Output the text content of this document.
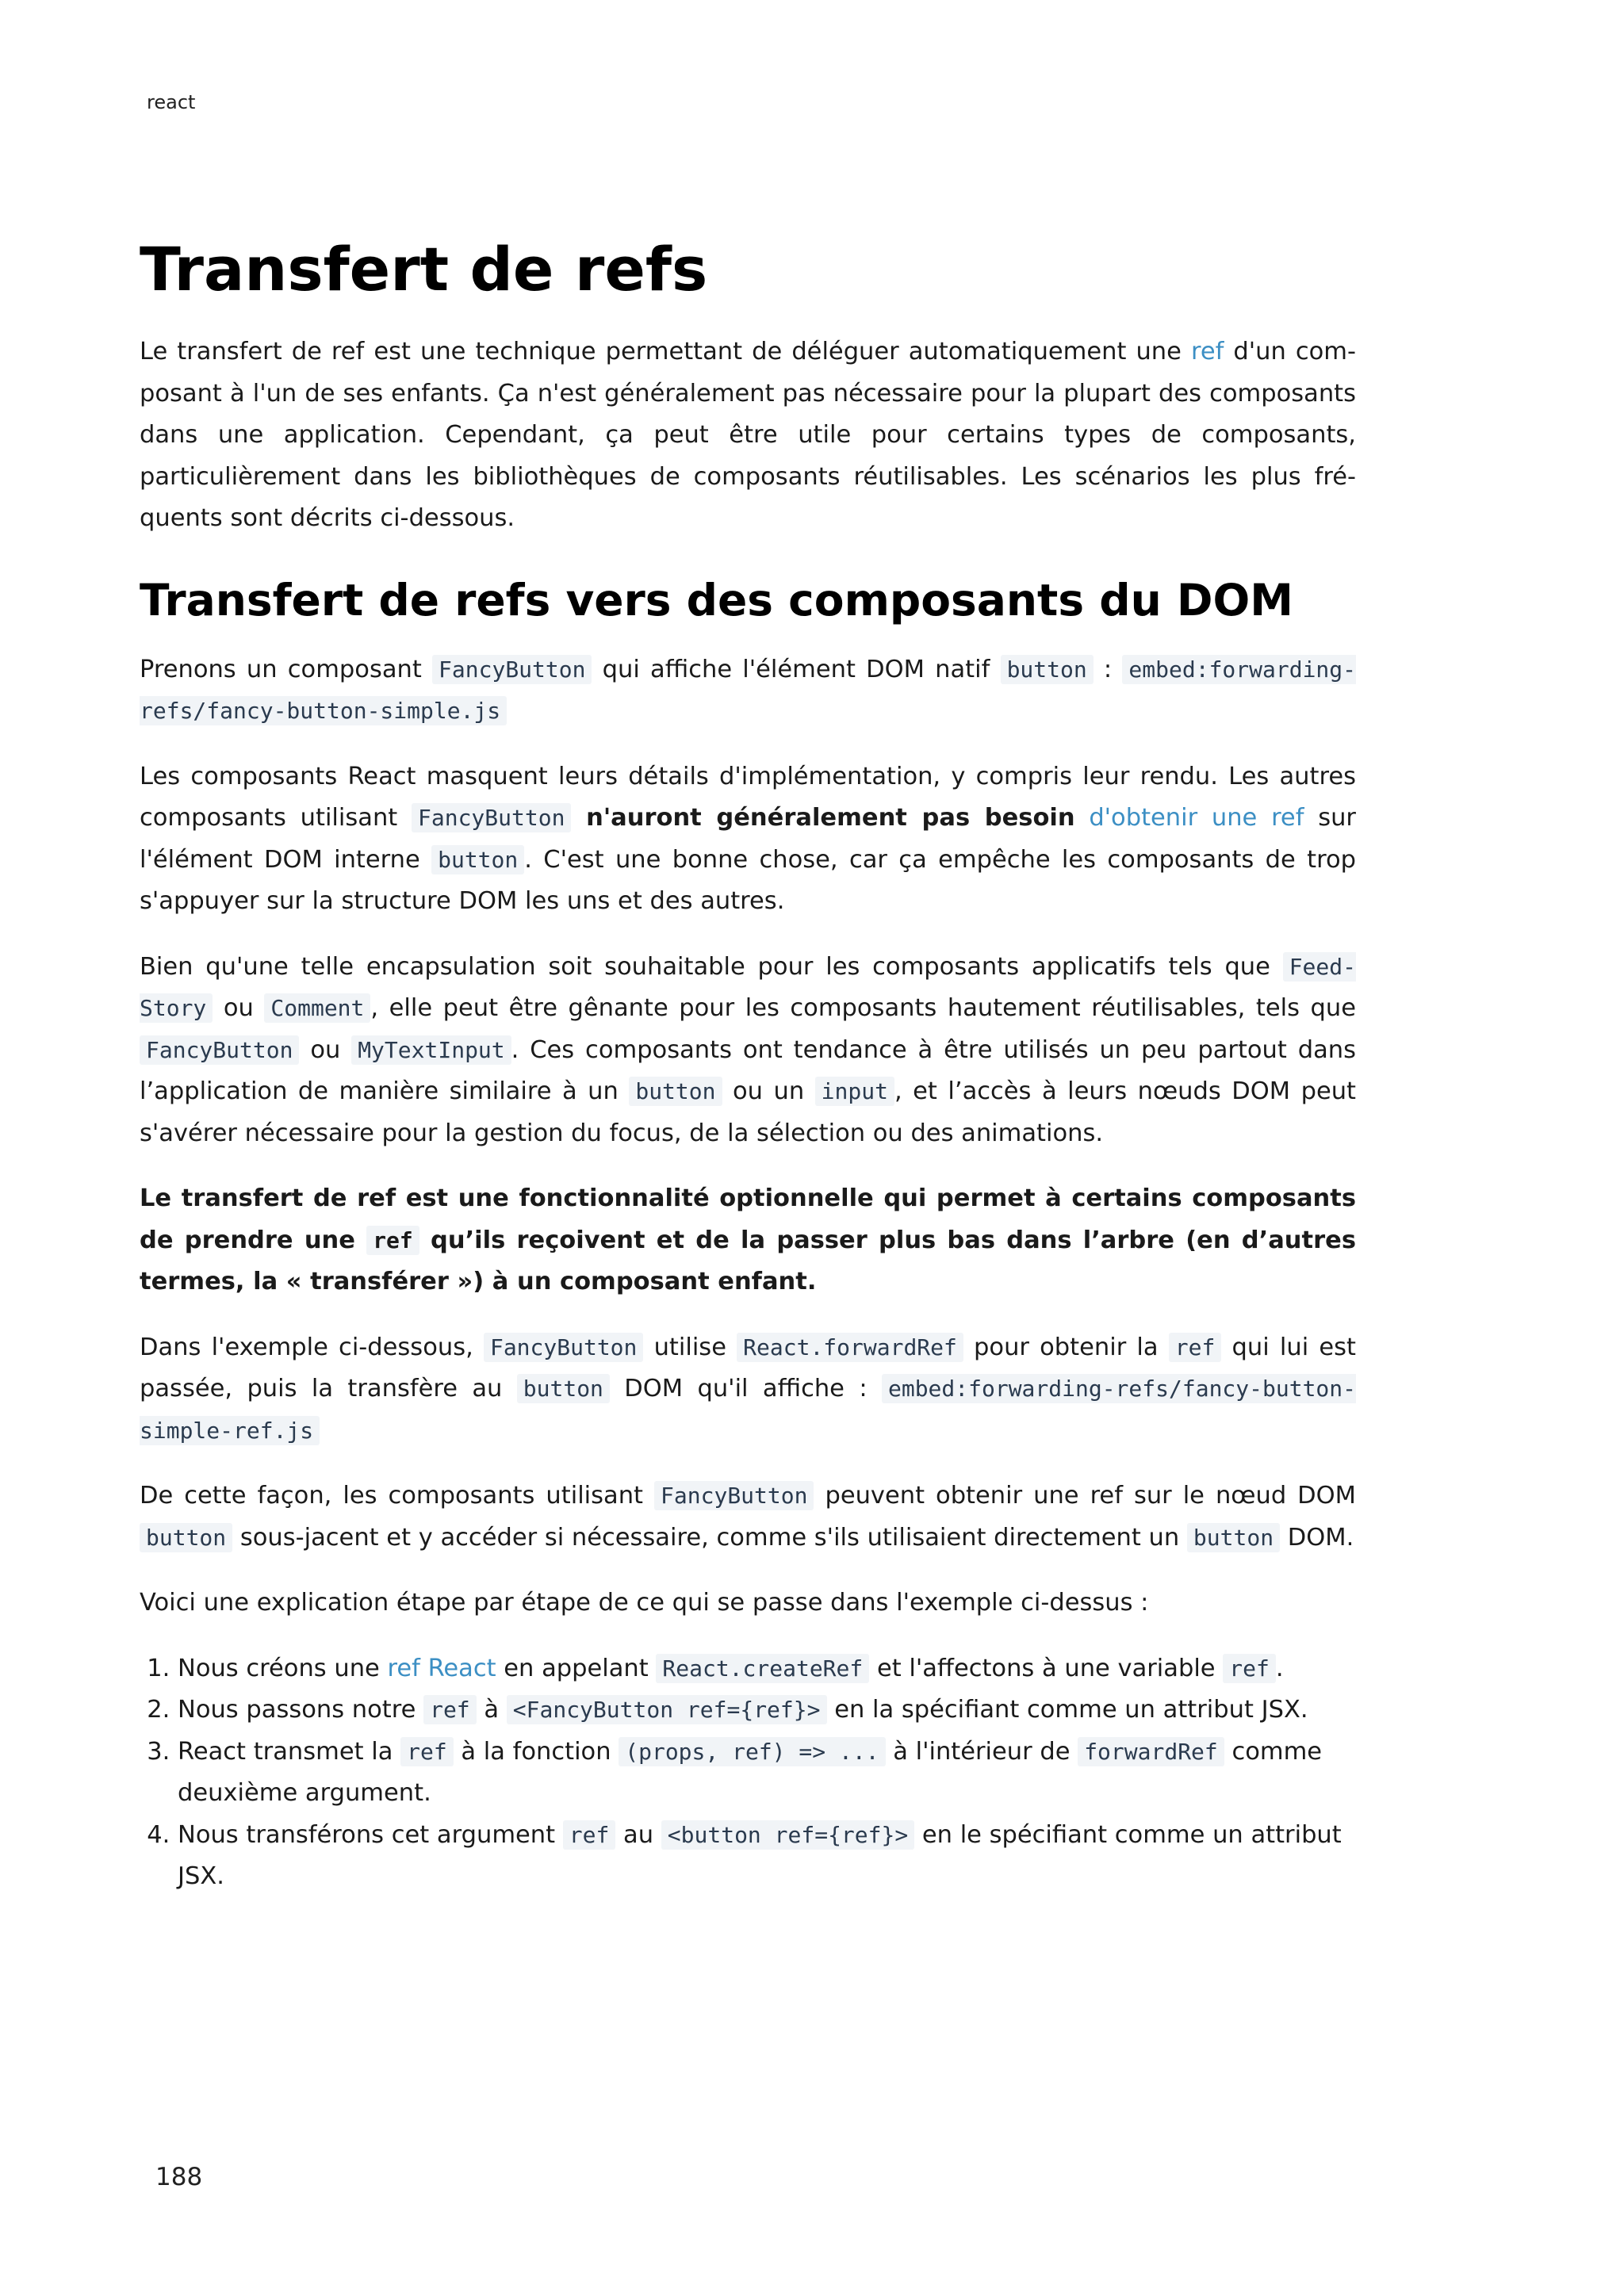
react
Transfert de refs

Le transfert de ref est une technique permettant de déléguer automatiquement une ref d'un composant à l'un de ses enfants. Ça n'est généralement pas nécessaire pour la plupart des composants dans une application. Cependant, ça peut être utile pour certains types de composants, particulièrement dans les bibliothèques de composants réutilisables. Les scénarios les plus fréquents sont décrits ci-dessous.

Transfert de refs vers des composants du DOM

Prenons un composant FancyButton qui affiche l'élément DOM natif button : embed:forwarding-refs/fancy-button-simple.js

Les composants React masquent leurs détails d'implémentation, y compris leur rendu. Les autres composants utilisant FancyButton n'auront généralement pas besoin d'obtenir une ref sur l'élément DOM interne button . C'est une bonne chose, car ça empêche les composants de trop s'appuyer sur la structure DOM les uns et des autres.

Bien qu'une telle encapsulation soit souhaitable pour les composants applicatifs tels que FeedStory ou Comment , elle peut être gênante pour les composants hautement réutilisables, tels que FancyButton ou MyTextInput . Ces composants ont tendance à être utilisés un peu partout dans l’application de manière similaire à un button ou un input , et l’accès à leurs nœuds DOM peut s'avérer nécessaire pour la gestion du focus, de la sélection ou des animations.

Le transfert de ref est une fonctionnalité optionnelle qui permet à certains composants de prendre une ref qu’ils reçoivent et de la passer plus bas dans l’arbre (en d’autres termes, la « transférer ») à un composant enfant.

Dans l'exemple ci-dessous, FancyButton utilise React.forwardRef pour obtenir la ref qui lui est passée, puis la transfère au button DOM qu'il affiche : embed:forwarding-refs/fancy-button-simple-ref.js

De cette façon, les composants utilisant FancyButton peuvent obtenir une ref sur le nœud DOM button sous-jacent et y accéder si nécessaire, comme s'ils utilisaient directement un button DOM.

Voici une explication étape par étape de ce qui se passe dans l'exemple ci-dessus :

1. Nous créons une ref React en appelant React.createRef et l'affectons à une variable ref .
2. Nous passons notre ref à <FancyButton ref={ref}> en la spécifiant comme un attribut JSX.
3. React transmet la ref à la fonction (props, ref) => ... à l'intérieur de forwardRef comme deuxième argument.
4. Nous transférons cet argument ref au <button ref={ref}> en le spécifiant comme un attribut JSX.
188
